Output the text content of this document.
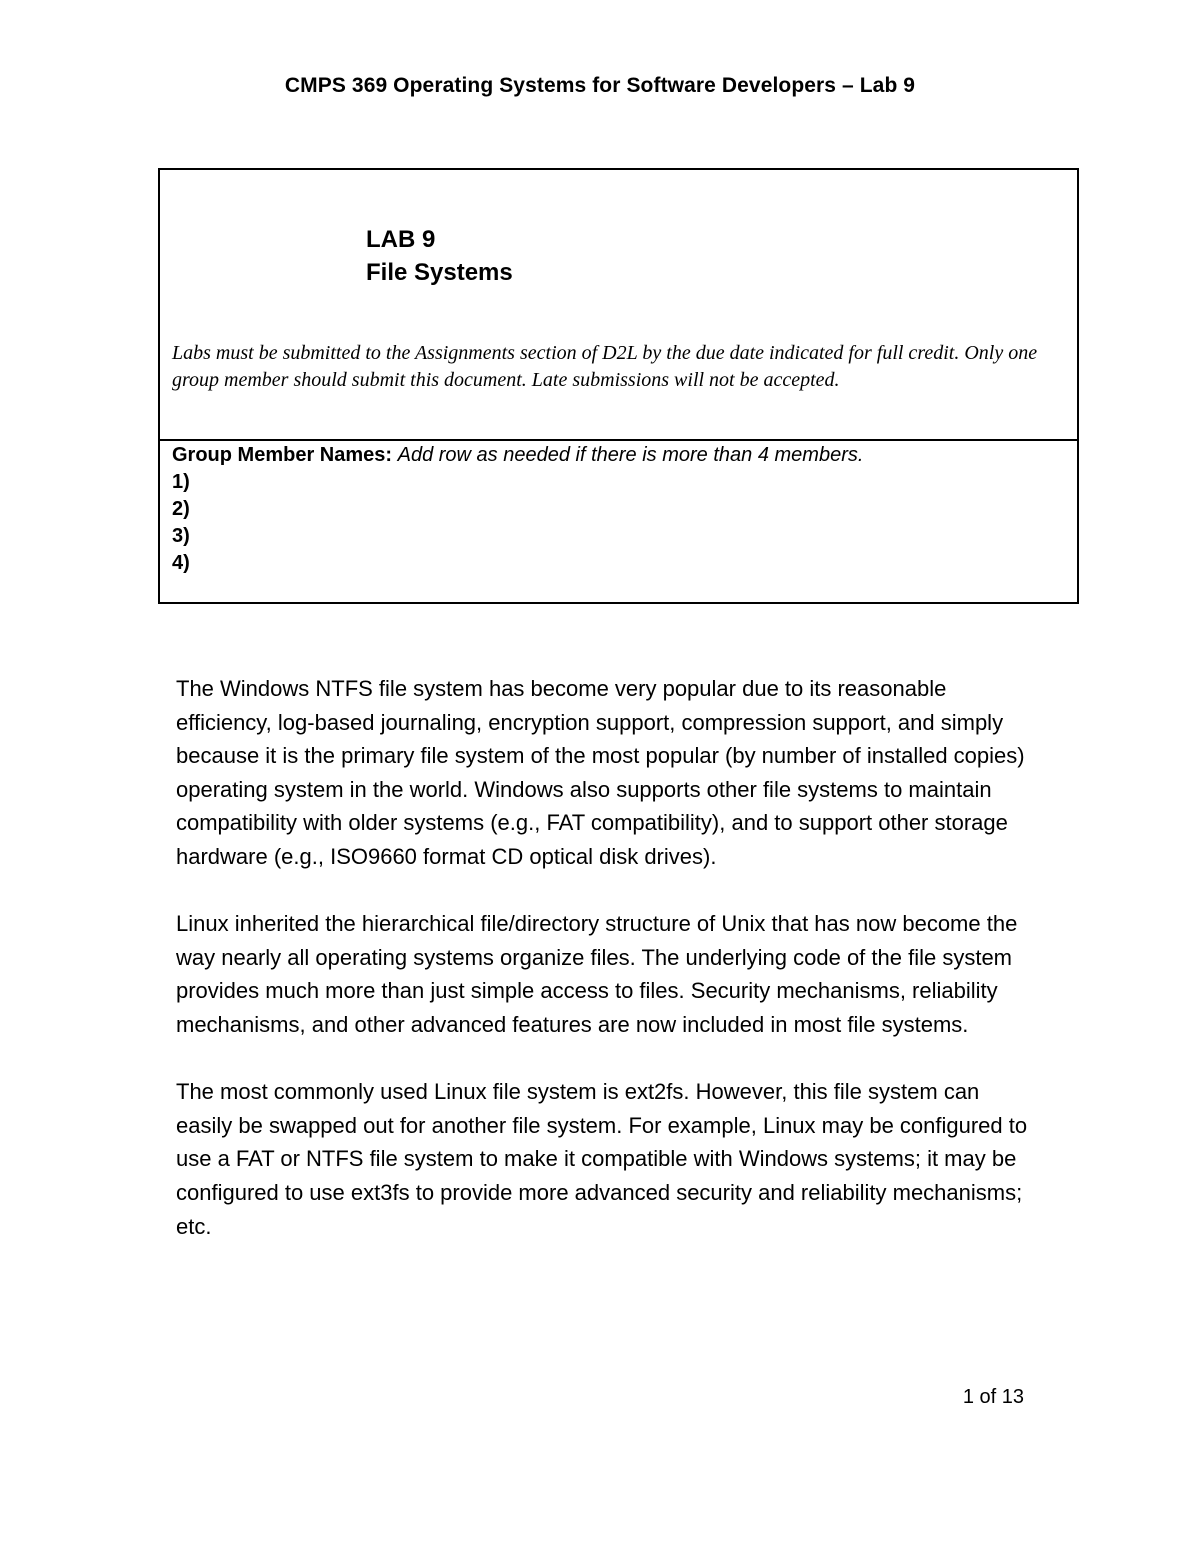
CMPS 369 Operating Systems for Software Developers – Lab 9
LAB 9
File Systems
Labs must be submitted to the Assignments section of D2L by the due date indicated for full credit. Only one group member should submit this document. Late submissions will not be accepted.
Group Member Names: Add row as needed if there is more than 4 members.
1)
2)
3)
4)

The Windows NTFS file system has become very popular due to its reasonable efficiency, log-based journaling, encryption support, compression support, and simply because it is the primary file system of the most popular (by number of installed copies) operating system in the world. Windows also supports other file systems to maintain compatibility with older systems (e.g., FAT compatibility), and to support other storage hardware (e.g., ISO9660 format CD optical disk drives).

Linux inherited the hierarchical file/directory structure of Unix that has now become the way nearly all operating systems organize files. The underlying code of the file system provides much more than just simple access to files. Security mechanisms, reliability mechanisms, and other advanced features are now included in most file systems.

The most commonly used Linux file system is ext2fs. However, this file system can easily be swapped out for another file system. For example, Linux may be configured to use a FAT or NTFS file system to make it compatible with Windows systems; it may be configured to use ext3fs to provide more advanced security and reliability mechanisms; etc.

1 of 13
